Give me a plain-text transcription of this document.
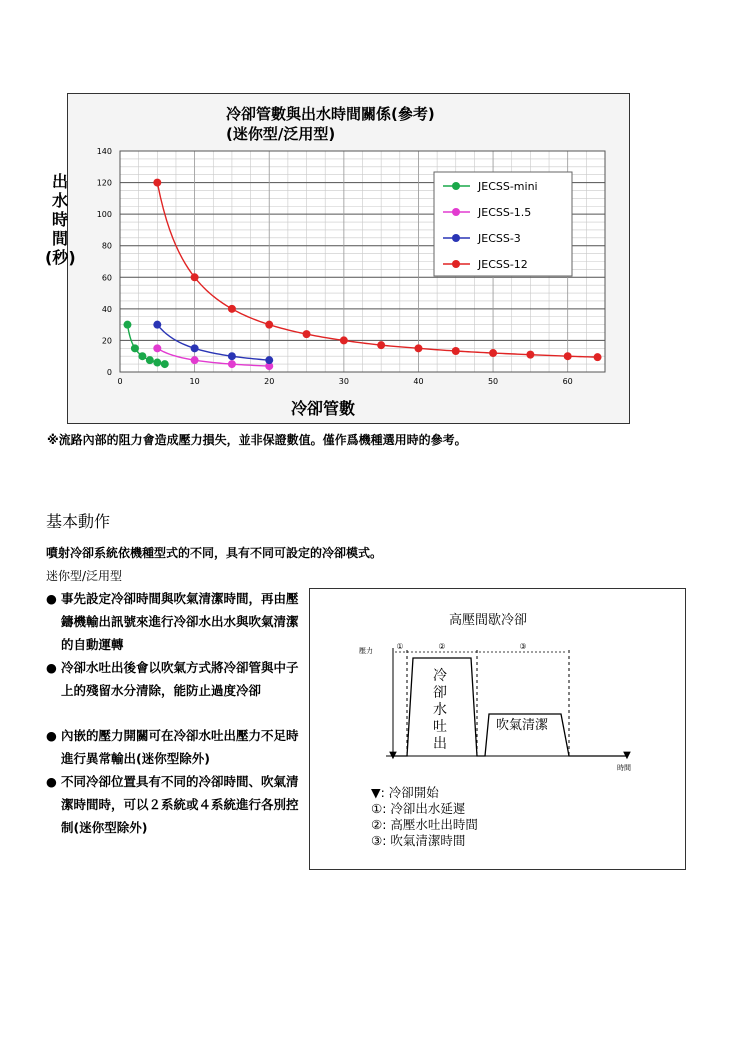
0
20
40
60
80
100
120
140
0	10	20	30	40	50	60
JECSS-mini
JECSS-1.5
JECSS-3
JECSS-12
冷卻管數
冷卻管數與出水時間關係(參考)
(迷你型/泛用型)
出水時間(秒)
※流路內部的阻力會造成壓力損失，並非保證數值。僅作爲機種選用時的參考。
基本動作
噴射冷卻系統依機種型式的不同，具有不同可設定的冷卻模式。
迷你型/泛用型
● 事先設定冷卻時間與吹氣清潔時間，再由壓鑄機輸出訊號來進行冷卻水出水與吹氣清潔的自動運轉
● 冷卻水吐出後會以吹氣方式將冷卻管與中子上的殘留水分清除，能防止過度冷卻
● 內嵌的壓力開關可在冷卻水吐出壓力不足時進行異常輸出(迷你型除外)
● 不同冷卻位置具有不同的冷卻時間、吹氣清潔時間時，可以２系統或４系統進行各別控制(迷你型除外)
高壓間歇冷卻
壓力
時間
①	②	③
冷卻水吐出
吹氣清潔
▼	▼
▼: 冷卻開始
①: 冷卻出水延遲
②: 高壓水吐出時間
③: 吹氣清潔時間
